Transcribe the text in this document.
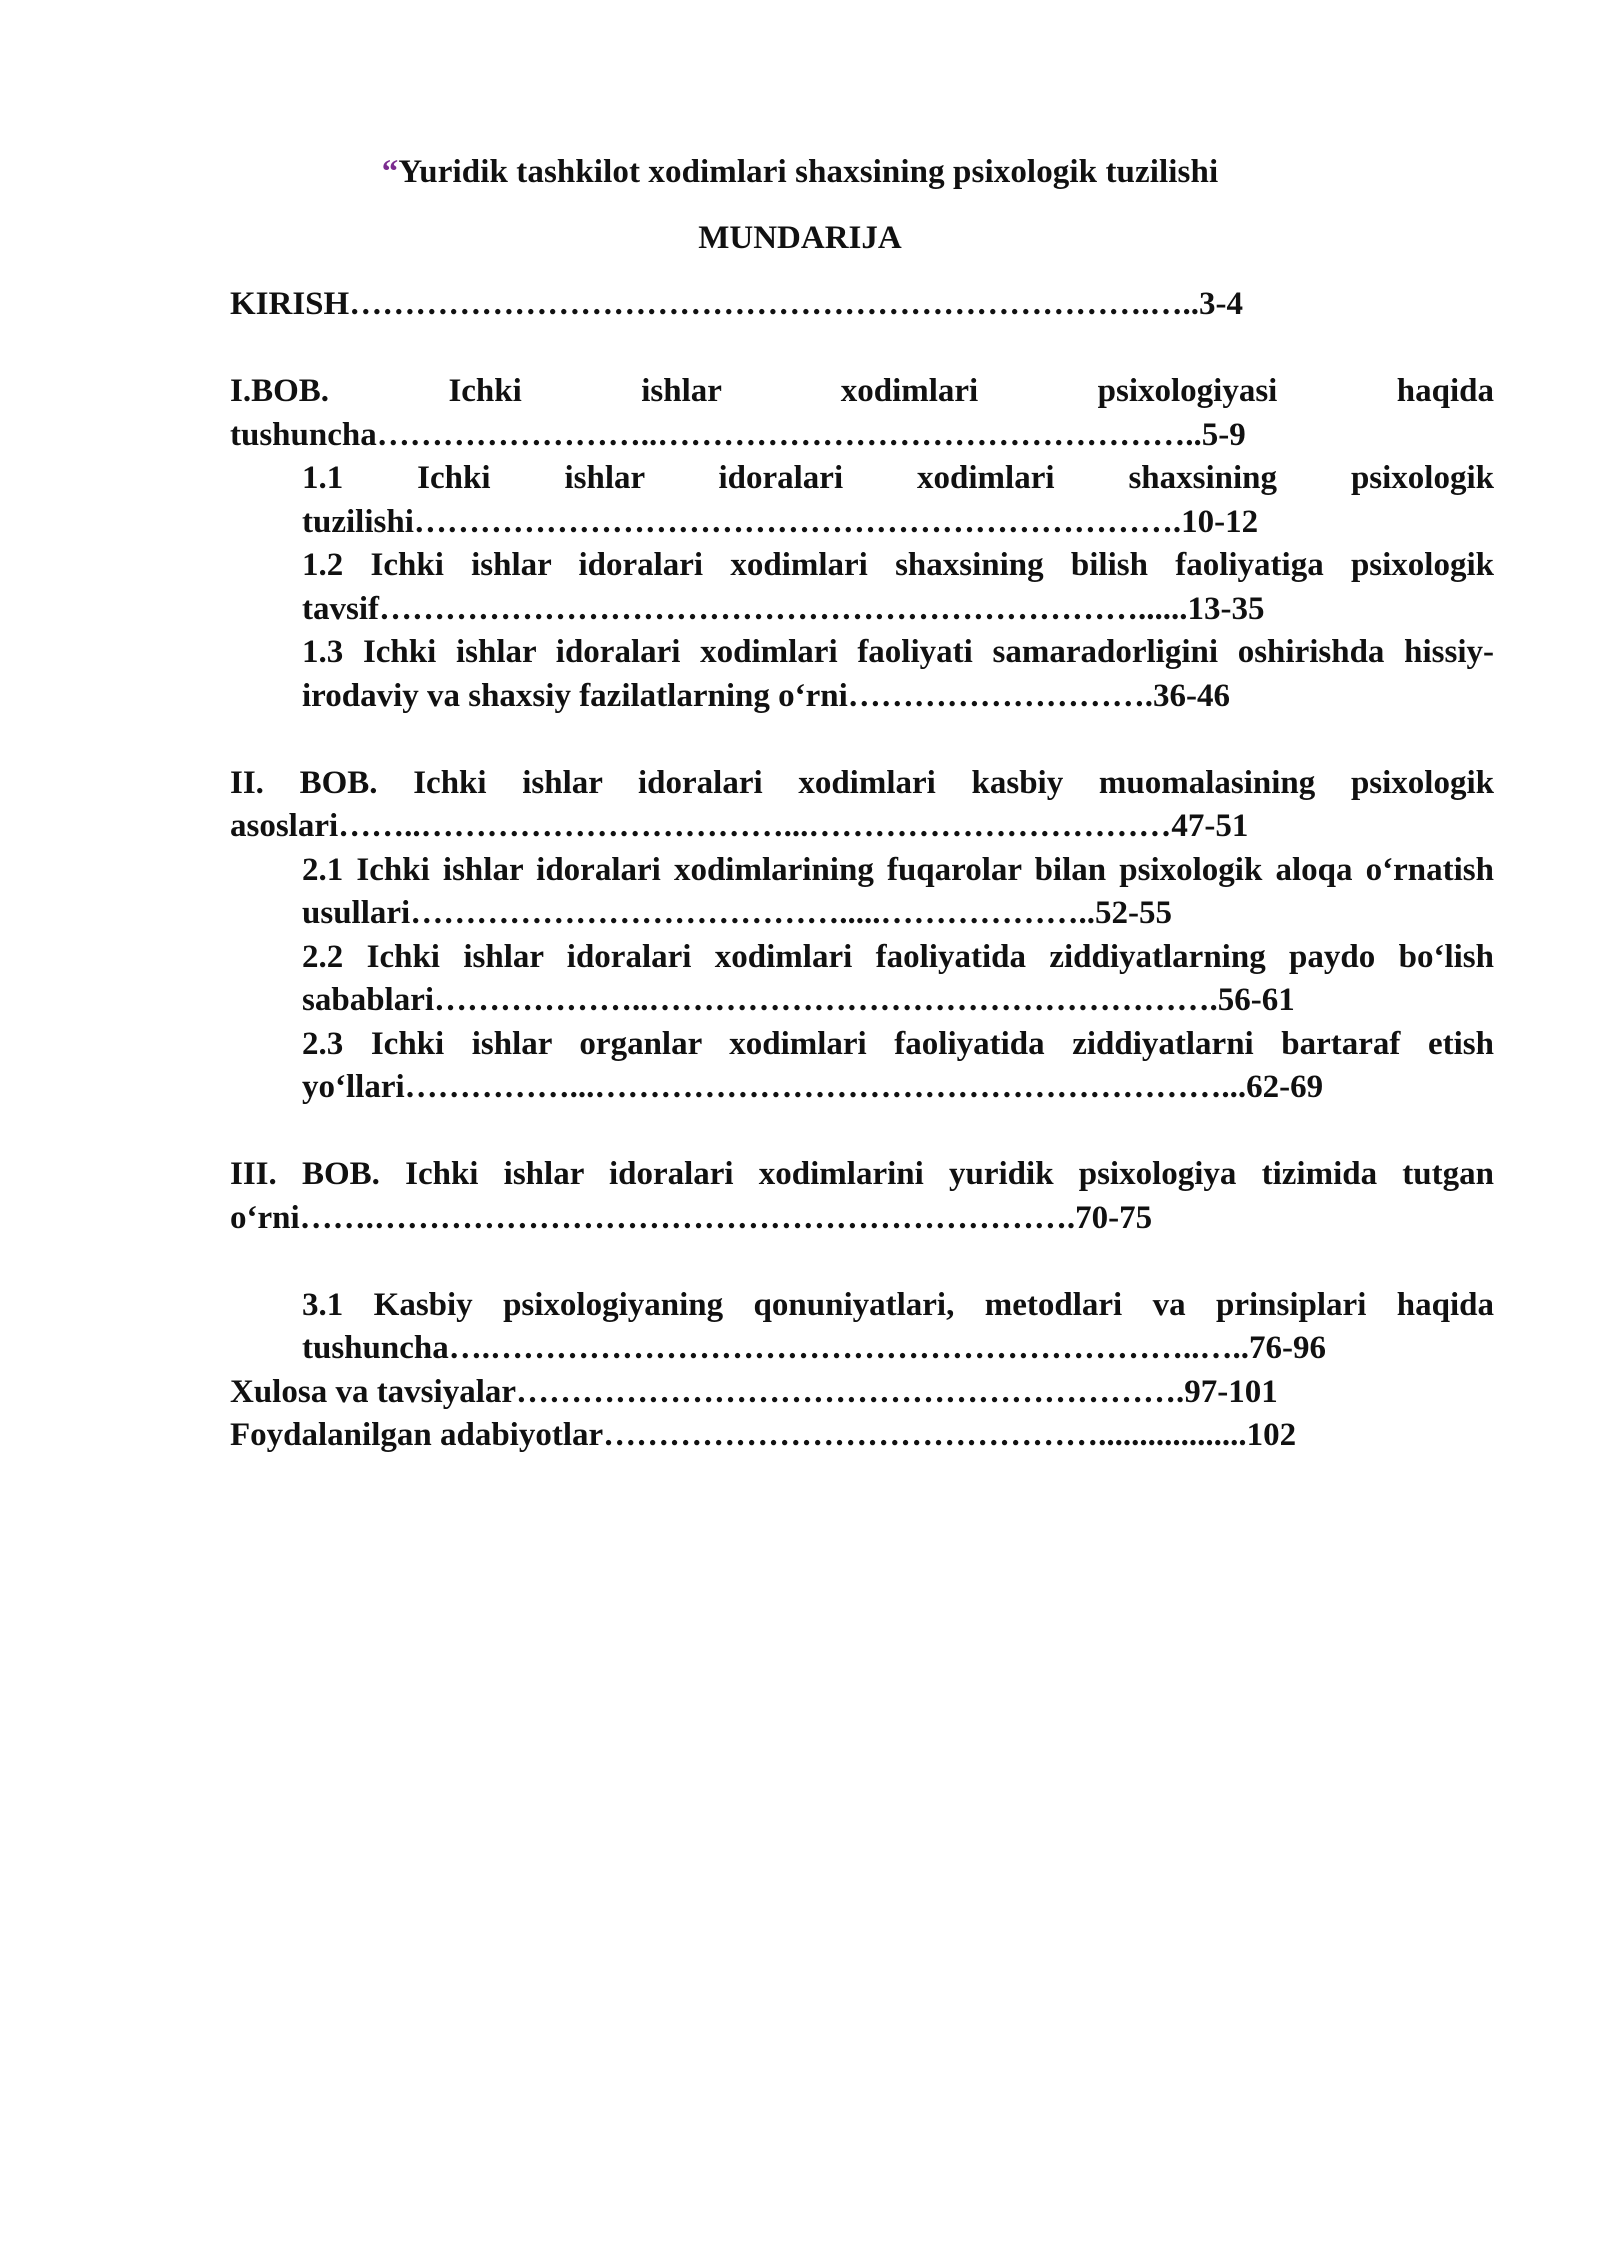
“Yuridik tashkilot xodimlari shaxsining psixologik tuzilishi
MUNDARIJA
KIRISH……………………………………………………………….…..3-4
I.BOB. Ichki ishlar xodimlari psixologiyasi haqida tushuncha……………………..…………………………………………..5-9
1.1 Ichki ishlar idoralari xodimlari shaxsining psixologik tuzilishi…………………………………………………………….10-12
1.2 Ichki ishlar idoralari xodimlari shaxsining bilish faoliyatiga psixologik tavsif……………………………………………………………......13-35
1.3 Ichki ishlar idoralari xodimlari faoliyati samaradorligini oshirishda hissiy-irodaviy va shaxsiy fazilatlarning o‘rni……………………….36-46
II. BOB. Ichki ishlar idoralari xodimlari kasbiy muomalasining psixologik asoslari……..……………………………...……………………………47-51
2.1 Ichki ishlar idoralari xodimlarining fuqarolar bilan psixologik aloqa o‘rnatish usullari………………………………….....………………..52-55
2.2 Ichki ishlar idoralari xodimlari faoliyatida ziddiyatlarning paydo bo‘lish sabablari………………..…………………………………………….56-61
2.3 Ichki ishlar organlar xodimlari faoliyatida ziddiyatlarni bartaraf etish yo‘llari……………...…………………………………………………...62-69
III. BOB. Ichki ishlar idoralari xodimlarini yuridik psixologiya tizimida tutgan o‘rni…….……………………………………………………….70-75
3.1 Kasbiy psixologiyaning qonuniyatlari, metodlari va prinsiplari haqida tushuncha….………………………………………………………..…..76-96
Xulosa va tavsiyalar…………………………………………………….97-101
Foydalanilgan adabiyotlar………………………………………..................102
